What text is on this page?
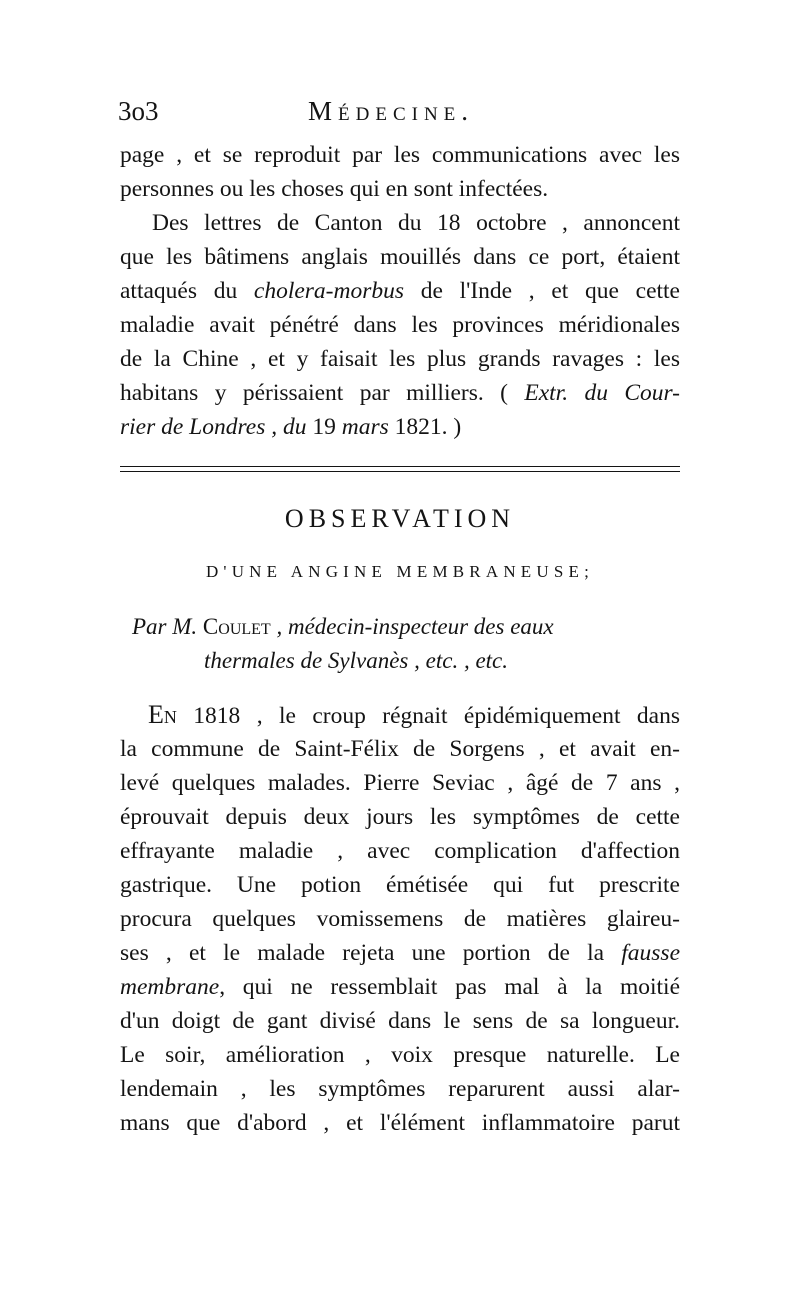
3o3	Médecine.
page , et se reproduit par les communications avec les
personnes ou les choses qui en sont infectées.
Des lettres de Canton du 18 octobre , annoncent
que les bâtimens anglais mouillés dans ce port, étaient
attaqués du cholera-morbus de l'Inde , et que cette
maladie avait pénétré dans les provinces méridionales
de la Chine , et y faisait les plus grands ravages : les
habitans y périssaient par milliers. ( Extr. du Cour-
rier de Londres , du 19 mars 1821. )
OBSERVATION
D'UNE ANGINE MEMBRANEUSE;
Par M. Coulet , médecin-inspecteur des eaux
thermales de Sylvanès , etc. , etc.
En 1818 , le croup régnait épidémiquement dans
la commune de Saint-Félix de Sorgens , et avait en-
levé quelques malades. Pierre Seviac , âgé de 7 ans ,
éprouvait depuis deux jours les symptômes de cette
effrayante maladie , avec complication d'affection
gastrique. Une potion émétisée qui fut prescrite
procura quelques vomissemens de matières glaireu-
ses , et le malade rejeta une portion de la fausse
membrane, qui ne ressemblait pas mal à la moitié
d'un doigt de gant divisé dans le sens de sa longueur.
Le soir, amélioration , voix presque naturelle. Le
lendemain , les symptômes reparurent aussi alar-
mans que d'abord , et l'élément inflammatoire parut
